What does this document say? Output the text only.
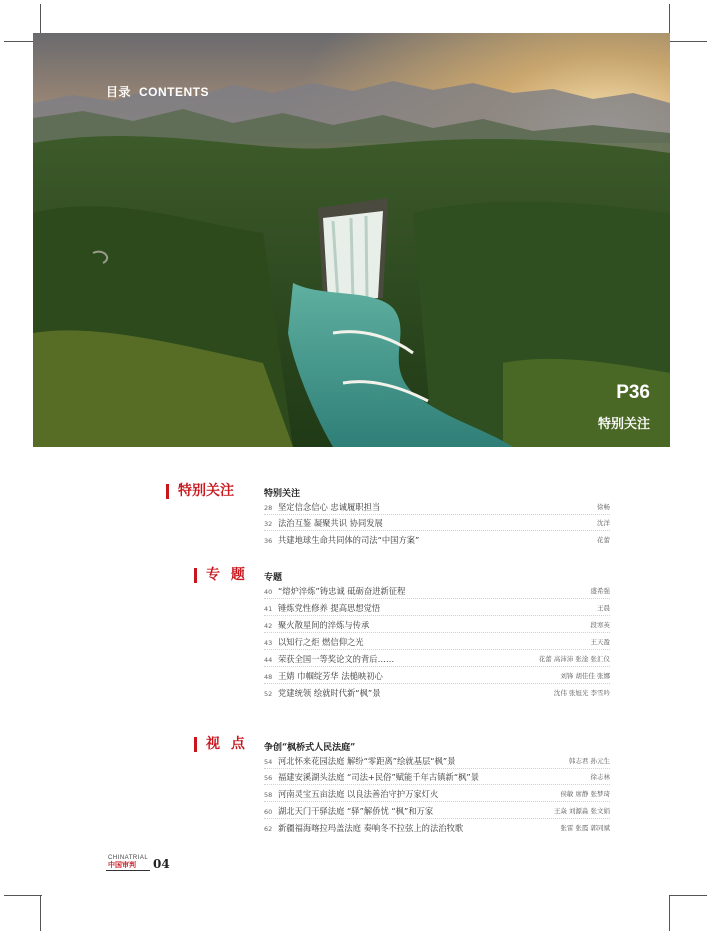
目录 CONTENTS
P36
特别关注
特别关注	特别关注
28 坚定信念信心 忠诚履职担当	徐畅
32 法治互鉴 凝聚共识 协同发展	沈洋
36 共建地球生命共同体的司法“中国方案”	花蕾
专 题 专题
40 “熔炉淬炼”铸忠诚 砥砺奋进新征程	盛希强
41 锤炼党性修养 提高思想觉悟	王晨
42 聚火散星间的淬炼与传承	段寒英
43 以知行之炬 燃信仰之光	王天盈
44 荣获全国一等奖论文的背后……	花蕾 高沛沛 张淦 张汇仪
48 王婧 巾帼绽芳华 法槌映初心	刘锋 胡佳佳 张娜
52 党建统领 绘就时代新“枫”景	沈伟 张旭光 李雪吟
视 点 争创“枫桥式人民法庭”
54 河北怀来花园法庭 解纷“零距离”绘就基层“枫”景	韩志君 孙元生
56 福建安溪湖头法庭 “司法+民俗”赋能千年古镇新“枫”景	徐志林
58 河南灵宝五亩法庭 以良法善治守护万家灯火	侯敏 席静 张梦琦
60 湖北天门干驿法庭 “驿”解侨忧 “枫”和万家	王焱 刘源淼 张文娟
62 新疆福海喀拉玛盖法庭 奏响冬不拉弦上的法治牧歌	张雷 张霞 郭同斌
CHINATRIAL
中国审判	04
